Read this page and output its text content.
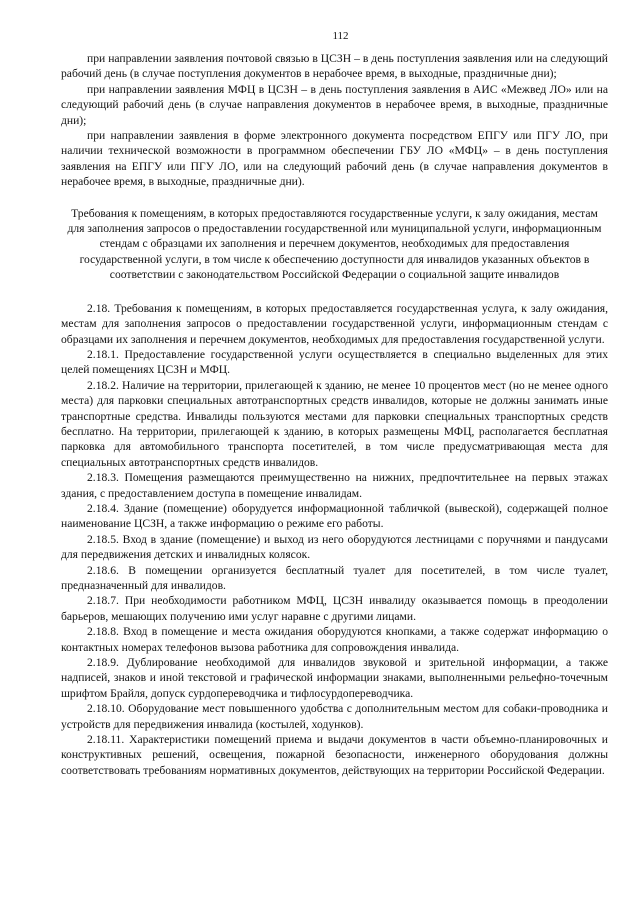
112

при направлении заявления почтовой связью в ЦСЗН – в день поступления заявления или на следующий рабочий день (в случае поступления документов в нерабочее время, в выходные, праздничные дни);

при направлении заявления МФЦ в ЦСЗН – в день поступления заявления в АИС «Межвед ЛО» или на следующий рабочий день (в случае направления документов в нерабочее время, в выходные, праздничные дни);

при направлении заявления в форме электронного документа посредством ЕПГУ или ПГУ ЛО, при наличии технической возможности в программном обеспечении ГБУ ЛО «МФЦ» – в день поступления заявления на ЕПГУ или ПГУ ЛО, или на следующий рабочий день (в случае направления документов в нерабочее время, в выходные, праздничные дни).

Требования к помещениям, в которых предоставляются государственные услуги, к залу ожидания, местам для заполнения запросов о предоставлении государственной или муниципальной услуги, информационным стендам с образцами их заполнения и перечнем документов, необходимых для предоставления государственной услуги, в том числе к обеспечению доступности для инвалидов указанных объектов в соответствии с законодательством Российской Федерации о социальной защите инвалидов

2.18. Требования к помещениям, в которых предоставляется государственная услуга, к залу ожидания, местам для заполнения запросов о предоставлении государственной услуги, информационным стендам с образцами их заполнения и перечнем документов, необходимых для предоставления государственной услуги.

2.18.1. Предоставление государственной услуги осуществляется в специально выделенных для этих целей помещениях ЦСЗН и МФЦ.

2.18.2. Наличие на территории, прилегающей к зданию, не менее 10 процентов мест (но не менее одного места) для парковки специальных автотранспортных средств инвалидов, которые не должны занимать иные транспортные средства. Инвалиды пользуются местами для парковки специальных транспортных средств бесплатно. На территории, прилегающей к зданию, в которых размещены МФЦ, располагается бесплатная парковка для автомобильного транспорта посетителей, в том числе предусматривающая места для специальных автотранспортных средств инвалидов.

2.18.3. Помещения размещаются преимущественно на нижних, предпочтительнее на первых этажах здания, с предоставлением доступа в помещение инвалидам.

2.18.4. Здание (помещение) оборудуется информационной табличкой (вывеской), содержащей полное наименование ЦСЗН, а также информацию о режиме его работы.

2.18.5. Вход в здание (помещение) и выход из него оборудуются лестницами с поручнями и пандусами для передвижения детских и инвалидных колясок.

2.18.6. В помещении организуется бесплатный туалет для посетителей, в том числе туалет, предназначенный для инвалидов.

2.18.7. При необходимости работником МФЦ, ЦСЗН инвалиду оказывается помощь в преодолении барьеров, мешающих получению ими услуг наравне с другими лицами.

2.18.8. Вход в помещение и места ожидания оборудуются кнопками, а также содержат информацию о контактных номерах телефонов вызова работника для сопровождения инвалида.

2.18.9. Дублирование необходимой для инвалидов звуковой и зрительной информации, а также надписей, знаков и иной текстовой и графической информации знаками, выполненными рельефно-точечным шрифтом Брайля, допуск сурдопереводчика и тифлосурдопереводчика.

2.18.10. Оборудование мест повышенного удобства с дополнительным местом для собаки-проводника и устройств для передвижения инвалида (костылей, ходунков).

2.18.11. Характеристики помещений приема и выдачи документов в части объемно-планировочных и конструктивных решений, освещения, пожарной безопасности, инженерного оборудования должны соответствовать требованиям нормативных документов, действующих на территории Российской Федерации.
